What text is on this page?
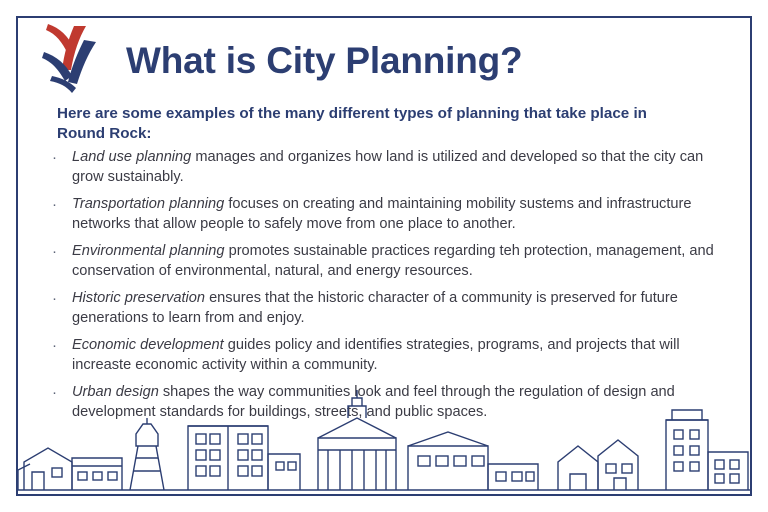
What is City Planning?
Here are some examples of the many different types of planning that take place in Round Rock:
· Land use planning manages and organizes how land is utilized and developed so that the city can grow sustainably.
· Transportation planning focuses on creating and maintaining mobility sustems and infrastructure networks that allow people to safely move from one place to another.
· Environmental planning promotes sustainable practices regarding teh protection, management, and conservation of environmental, natural, and energy resources.
· Historic preservation ensures that the historic character of a community is preserved for future generations to learn from and enjoy.
· Economic development guides policy and identifies strategies, programs, and projects that will increaste economic activity within a community.
· Urban design shapes the way communities look and feel through the regulation of design and development standards for buildings, streets, and public spaces.
